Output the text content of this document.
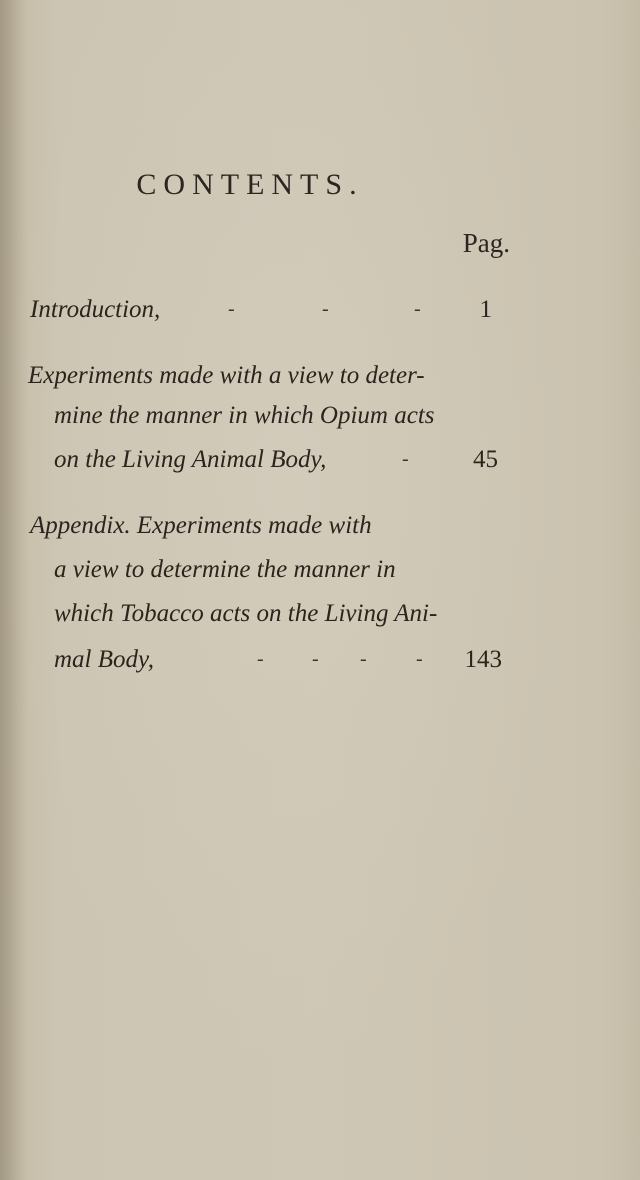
CONTENTS.
Pag.
Introduction,	-	-	-	1
Experiments made with a view to deter-
mine the manner in which Opium acts
on the Living Animal Body,	-	45
Appendix. Experiments made with
a view to determine the manner in
which Tobacco acts on the Living Ani-
mal Body,	- - - -	143
